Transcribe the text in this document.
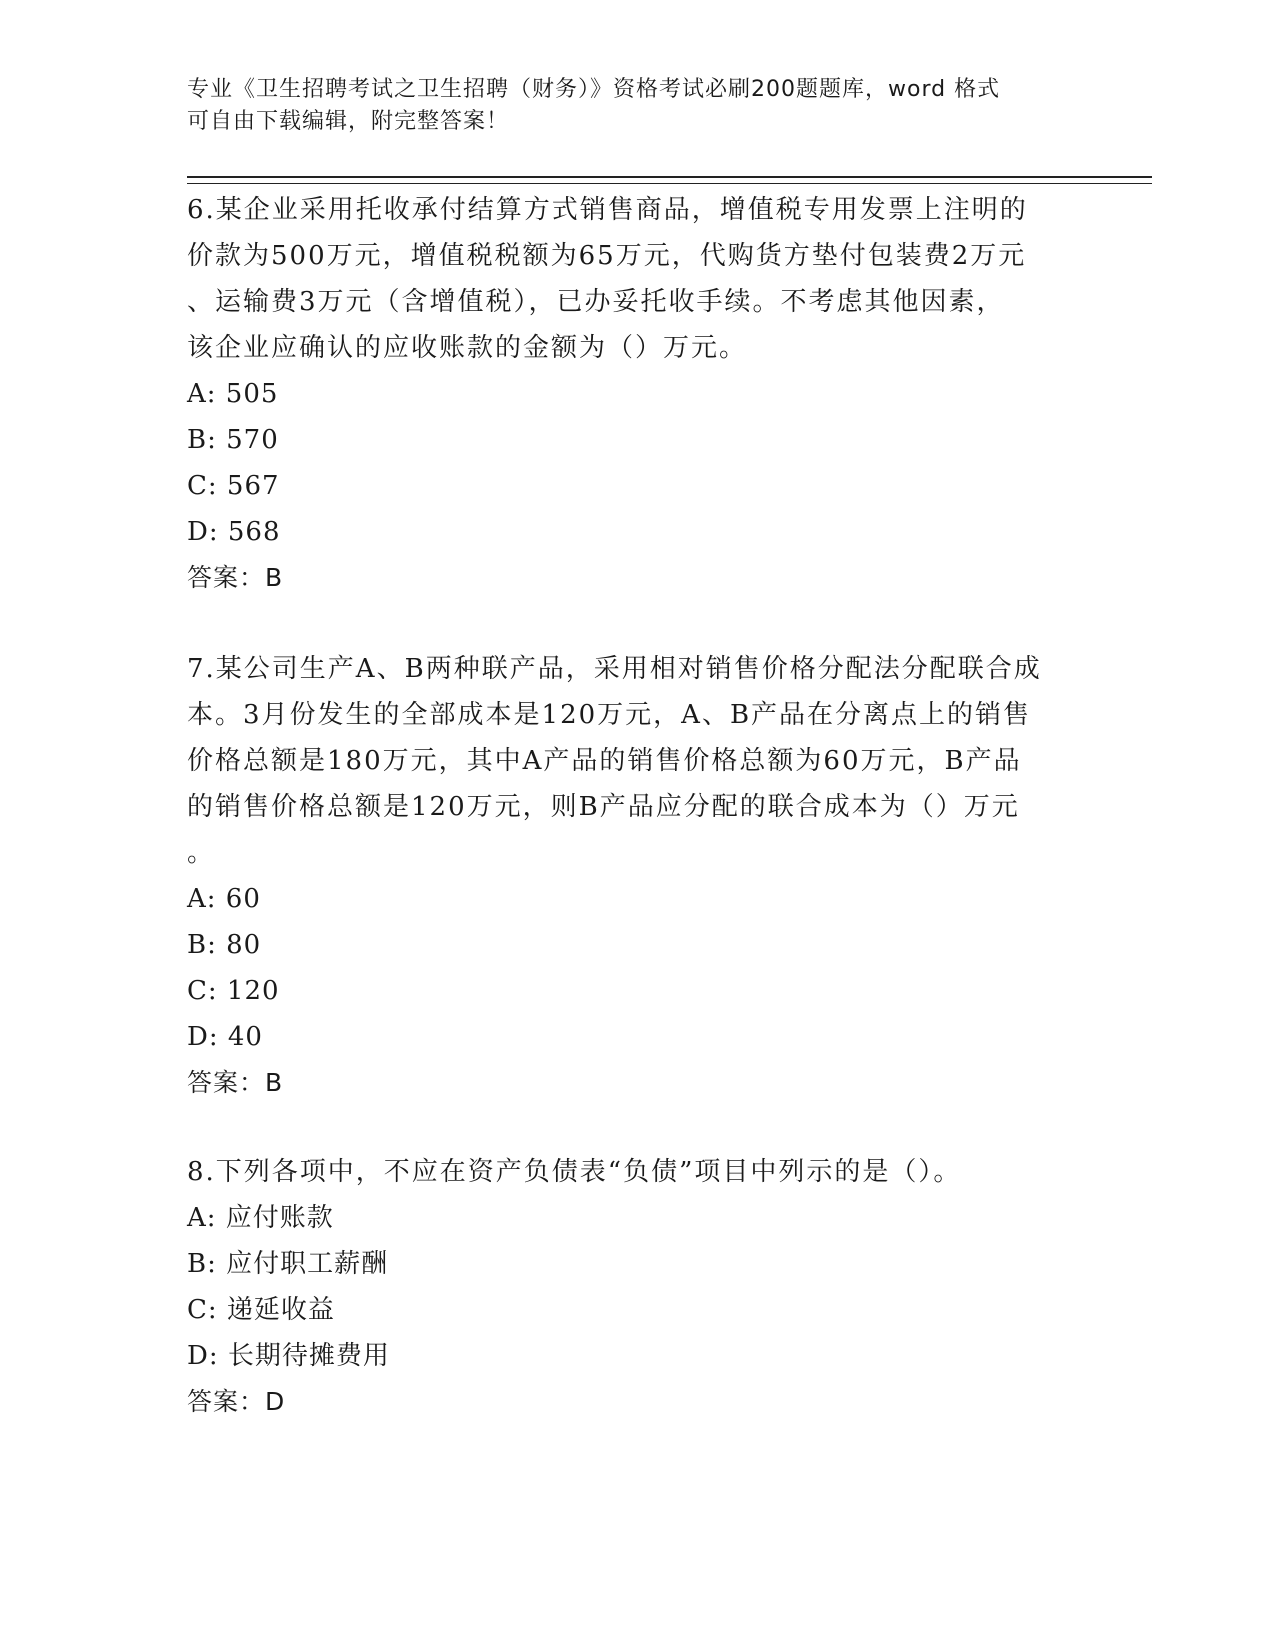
专业《卫生招聘考试之卫生招聘（财务）》资格考试必刷200题题库，word 格式
可自由下载编辑，附完整答案！
6.某企业采用托收承付结算方式销售商品，增值税专用发票上注明的
价款为500万元，增值税税额为65万元，代购货方垫付包装费2万元
、运输费3万元（含增值税），已办妥托收手续。不考虑其他因素，
该企业应确认的应收账款的金额为（）万元。
A: 505
B: 570
C: 567
D: 568
答案：B
7.某公司生产A、B两种联产品，采用相对销售价格分配法分配联合成
本。3月份发生的全部成本是120万元，A、B产品在分离点上的销售
价格总额是180万元，其中A产品的销售价格总额为60万元，B产品
的销售价格总额是120万元，则B产品应分配的联合成本为（）万元
。
A: 60
B: 80
C: 120
D: 40
答案：B
8.下列各项中，不应在资产负债表“负债”项目中列示的是（）。
A: 应付账款
B: 应付职工薪酬
C: 递延收益
D: 长期待摊费用
答案：D
